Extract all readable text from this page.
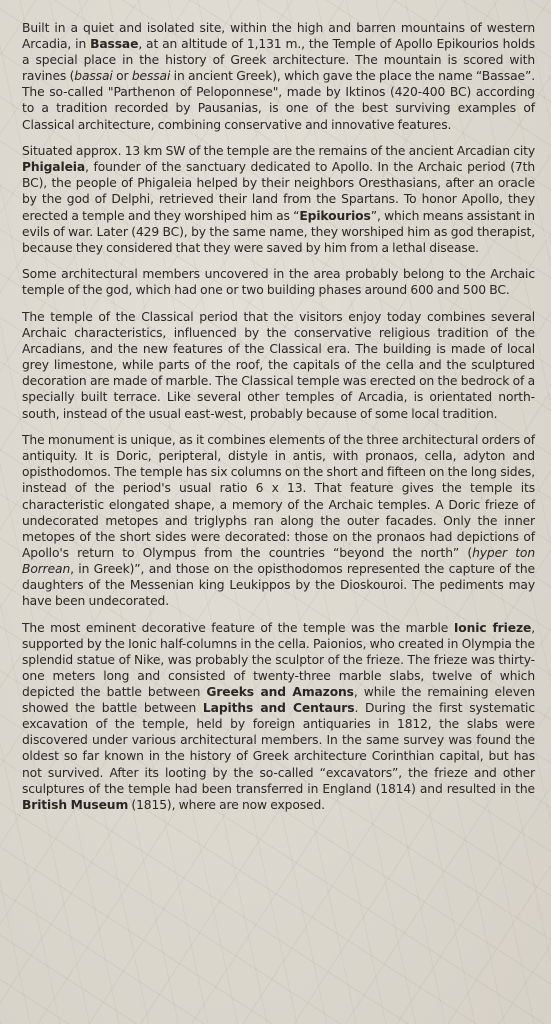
Built in a quiet and isolated site, within the high and barren mountains of western Arcadia, in Bassae, at an altitude of 1,131 m., the Temple of Apollo Epikourios holds a special place in the history of Greek architecture. The mountain is scored with ravines (bassai or bessai in ancient Greek), which gave the place the name “Bassae”. The so-called "Parthenon of Peloponnese", made by Iktinos (420-400 BC) according to a tradition recorded by Pausanias, is one of the best surviving examples of Classical architecture, combining conservative and innovative features.

Situated approx. 13 km SW of the temple are the remains of the ancient Arcadian city Phigaleia, founder of the sanctuary dedicated to Apollo. In the Archaic period (7th BC), the people of Phigaleia helped by their neighbors Oresthasians, after an oracle by the god of Delphi, retrieved their land from the Spartans. To honor Apollo, they erected a temple and they worshiped him as “Epikourios”, which means assistant in evils of war. Later (429 BC), by the same name, they worshiped him as god therapist, because they considered that they were saved by him from a lethal disease.

Some architectural members uncovered in the area probably belong to the Archaic temple of the god, which had one or two building phases around 600 and 500 BC.

The temple of the Classical period that the visitors enjoy today combines several Archaic characteristics, influenced by the conservative religious tradition of the Arcadians, and the new features of the Classical era. The building is made of local grey limestone, while parts of the roof, the capitals of the cella and the sculptured decoration are made of marble. The Classical temple was erected on the bedrock of a specially built terrace. Like several other temples of Arcadia, is orientated north-south, instead of the usual east-west, probably because of some local tradition.

The monument is unique, as it combines elements of the three architectural orders of antiquity. It is Doric, peripteral, distyle in antis, with pronaos, cella, adyton and opisthodomos. The temple has six columns on the short and fifteen on the long sides, instead of the period's usual ratio 6 x 13. That feature gives the temple its characteristic elongated shape, a memory of the Archaic temples. A Doric frieze of undecorated metopes and triglyphs ran along the outer facades. Only the inner metopes of the short sides were decorated: those on the pronaos had depictions of Apollo's return to Olympus from the countries “beyond the north” (hyper ton Borrean, in Greek)”, and those on the opisthodomos represented the capture of the daughters of the Messenian king Leukippos by the Dioskouroi. The pediments may have been undecorated.

The most eminent decorative feature of the temple was the marble Ionic frieze, supported by the Ionic half-columns in the cella. Paionios, who created in Olympia the splendid statue of Nike, was probably the sculptor of the frieze. The frieze was thirty-one meters long and consisted of twenty-three marble slabs, twelve of which depicted the battle between Greeks and Amazons, while the remaining eleven showed the battle between Lapiths and Centaurs. During the first systematic excavation of the temple, held by foreign antiquaries in 1812, the slabs were discovered under various architectural members. In the same survey was found the oldest so far known in the history of Greek architecture Corinthian capital, but has not survived. After its looting by the so-called “excavators”, the frieze and other sculptures of the temple had been transferred in England (1814) and resulted in the British Museum (1815), where are now exposed.
